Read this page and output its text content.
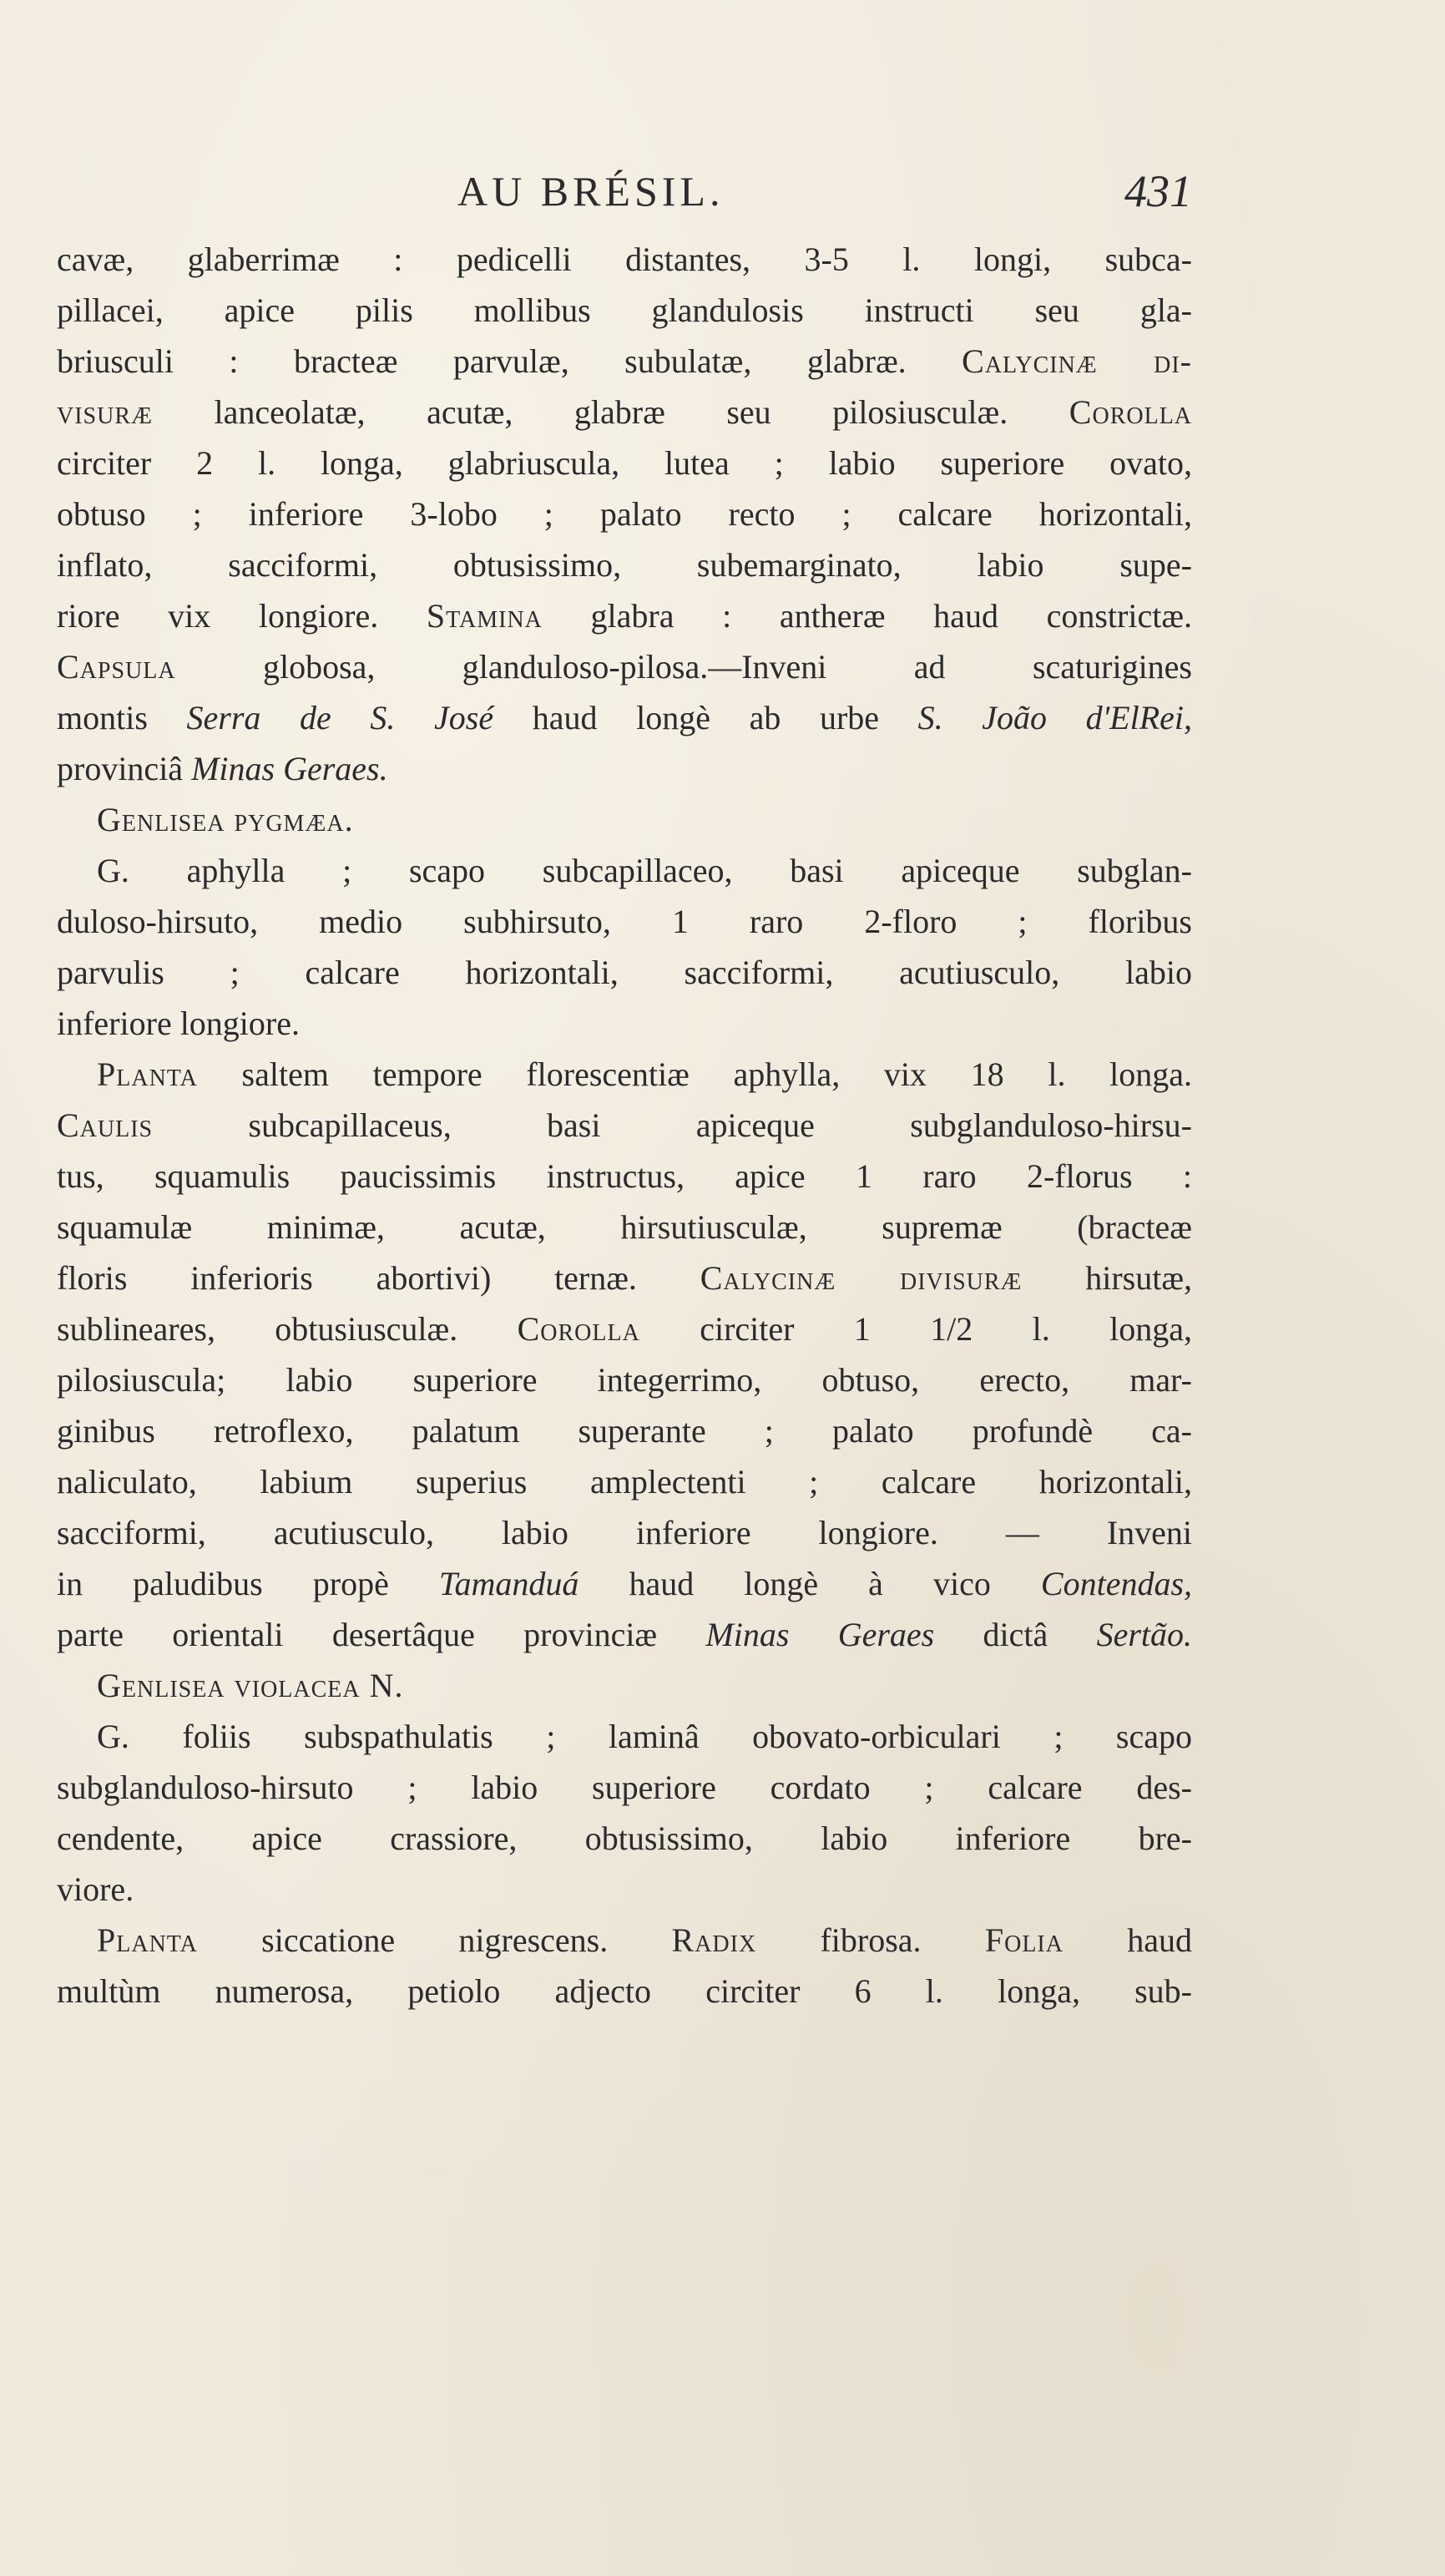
AU BRÉSIL.	431
cavæ, glaberrimæ : pedicelli distantes, 3-5 l. longi, subca-
pillacei, apice pilis mollibus glandulosis instructi seu gla-
briusculi : bracteæ parvulæ, subulatæ, glabræ. Calycinæ di-
visuræ lanceolatæ, acutæ, glabræ seu pilosiusculæ. Corolla
circiter 2 l. longa, glabriuscula, lutea ; labio superiore ovato,
obtuso ; inferiore 3-lobo ; palato recto ; calcare horizontali,
inflato, sacciformi, obtusissimo, subemarginato, labio supe-
riore vix longiore. Stamina glabra : antheræ haud constrictæ.
Capsula	globosa, glanduloso-pilosa.—Inveni ad scaturigines
montis Serra de S. José haud longè ab urbe S. João d'ElRei,
provinciâ Minas Geraes.
Genlisea pygmæa.
G. aphylla ; scapo subcapillaceo, basi apiceque subglan-
duloso-hirsuto, medio subhirsuto, 1 raro 2-floro ; floribus
parvulis ; calcare horizontali, sacciformi, acutiusculo, labio
inferiore longiore.
Planta saltem tempore florescentiæ aphylla, vix 18 l. longa.
Caulis	subcapillaceus, basi apiceque subglanduloso-hirsu-
tus, squamulis paucissimis instructus, apice 1 raro 2-florus :
squamulæ minimæ, acutæ, hirsutiusculæ, supremæ (bracteæ
floris inferioris abortivi) ternæ. Calycinæ divisuræ hirsutæ,
sublineares, obtusiusculæ. Corolla circiter 1 1/2 l. longa,
pilosiuscula; labio superiore integerrimo, obtuso, erecto, mar-
ginibus retroflexo, palatum superante ; palato profundè ca-
naliculato, labium superius amplectenti ; calcare horizontali,
sacciformi, acutiusculo, labio inferiore longiore. — Inveni
in paludibus propè Tamanduá haud longè à vico Contendas,
parte orientali desertâque provinciæ Minas Geraes dictâ Sertão.
Genlisea violacea N.
G. foliis subspathulatis ; laminâ obovato-orbiculari ; scapo
subglanduloso-hirsuto ; labio superiore cordato ; calcare des-
cendente, apice crassiore, obtusissimo, labio inferiore bre-
viore.
Planta siccatione nigrescens. Radix fibrosa. Folia haud
multùm numerosa, petiolo adjecto circiter 6 l. longa, sub-
